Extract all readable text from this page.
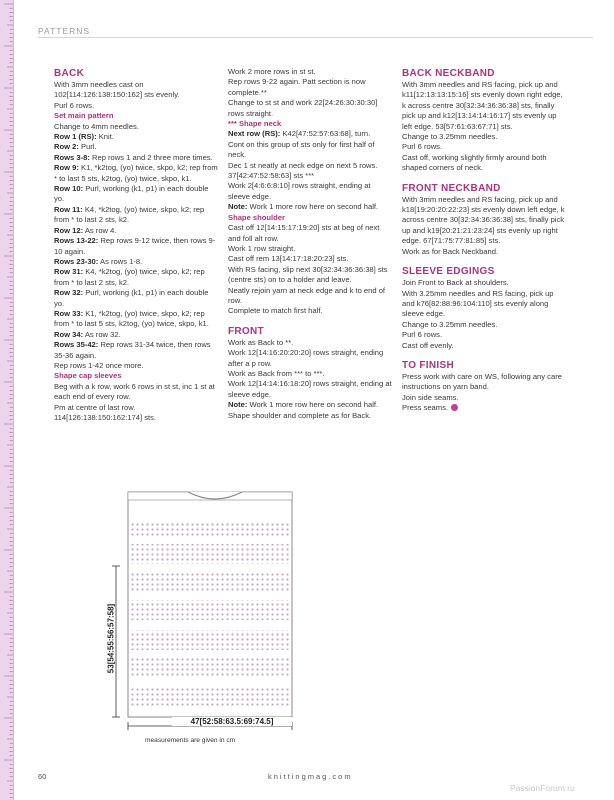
PATTERNS

BACK

With 3mm needles cast on 102[114:126:138:150:162] sts evenly.

Purl 6 rows.

Set main pattern

Change to 4mm needles.

Row 1 (RS): Knit.

Row 2: Purl.

Rows 3-8: Rep rows 1 and 2 three more times.

Row 9: K1, *k2tog, (yo) twice, skpo, k2; rep from * to last 5 sts, k2tog, (yo) twice, skpo, k1.

Row 10: Purl, working (k1, p1) in each double yo.

Row 11: K4, *k2tog, (yo) twice, skpo, k2; rep from * to last 2 sts, k2.

Row 12: As row 4.

Rows 13-22: Rep rows 9-12 twice, then rows 9-10 again.

Rows 23-30: As rows 1-8.

Row 31: K4, *k2tog, (yo) twice, skpo, k2; rep from * to last 2 sts, k2.

Row 32: Purl, working (k1, p1) in each double yo.

Row 33: K1, *k2tog, (yo) twice, skpo, k2; rep from * to last 5 sts, k2tog, (yo) twice, skpo, k1.

Row 34: As row 32.

Rows 35-42: Rep rows 31-34 twice, then rows 35-36 again.

Rep rows 1-42 once more.

Shape cap sleeves

Beg with a k row, work 6 rows in st st, inc 1 st at each end of every row.

Pm at centre of last row.

114[126:138:150:162:174] sts.

Work 2 more rows in st st.

Rep rows 9-22 again. Patt section is now complete.**

Change to st st and work 22[24:26:30:30:30] rows straight.

*** Shape neck

Next row (RS): K42[47:52:57:63:68], turn.

Cont on this group of sts only for first half of neck.

Dec 1 st neatly at neck edge on next 5 rows. 37[42:47:52:58:63] sts ***

Work 2[4:6:6:8:10] rows straight, ending at sleeve edge.

Note: Work 1 more row here on second half.

Shape shoulder

Cast off 12[14:15:17:19:20] sts at beg of next and foll alt row.

Work 1 row straight.

Cast off rem 13[14:17:18:20:23] sts.

With RS facing, slip next 30[32:34:36:36:38] sts (centre sts) on to a holder and leave.

Neatly rejoin yarn at neck edge and k to end of row.

Complete to match first half.

FRONT

Work as Back to **.

Work 12[14:16:20:20:20] rows straight, ending after a p row.

Work as Back from *** to ***.

Work 12[14:14:16:18:20] rows straight, ending at sleeve edge.

Note: Work 1 more row here on second half.

Shape shoulder and complete as for Back.

BACK NECKBAND

With 3mm needles and RS facing, pick up and k11[12:13:13:15:16] sts evenly down right edge, k across centre 30[32:34:36:36:38] sts, finally pick up and k12[13:14:14:16:17] sts evenly up left edge. 53[57:61:63:67:71] sts.

Change to 3.25mm needles.

Purl 6 rows.

Cast off, working slightly firmly around both shaped corners of neck.

FRONT NECKBAND

With 3mm needles and RS facing, pick up and k18[19:20:20:22:23] sts evenly down left edge, k across centre 30[32:34:36:36:38] sts, finally pick up and k19[20:21:21:23:24] sts evenly up right edge. 67[71:75:77:81:85] sts.

Work as for Back Neckband.

SLEEVE EDGINGS

Join Front to Back at shoulders.

With 3.25mm needles and RS facing, pick up and k76[82:88:96:104:110] sts evenly along sleeve edge.

Change to 3.25mm needles.

Purl 6 rows.

Cast off evenly.

TO FINISH

Press work with care on WS, following any care instructions on yarn band.

Join side seams.

Press seams.

53[54:55:56:57:58]
47[52:58:63.5:69:74.5]
measurements are given in cm
60	knittingmag.com
PassionForum.ru
